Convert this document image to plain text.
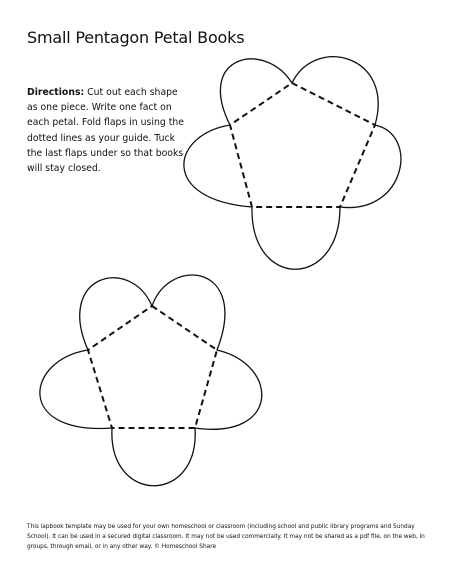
Small Pentagon Petal Books

Directions: Cut out each shape as one piece. Write one fact on each petal. Fold flaps in using the dotted lines as your guide. Tuck the last flaps under so that books will stay closed.

This lapbook template may be used for your own homeschool or classroom (including school and public library programs and Sunday School). It can be used in a secured digital classroom. It may not be used commercially. It may not be shared as a pdf file, on the web, in groups, through email, or in any other way. © Homeschool Share
